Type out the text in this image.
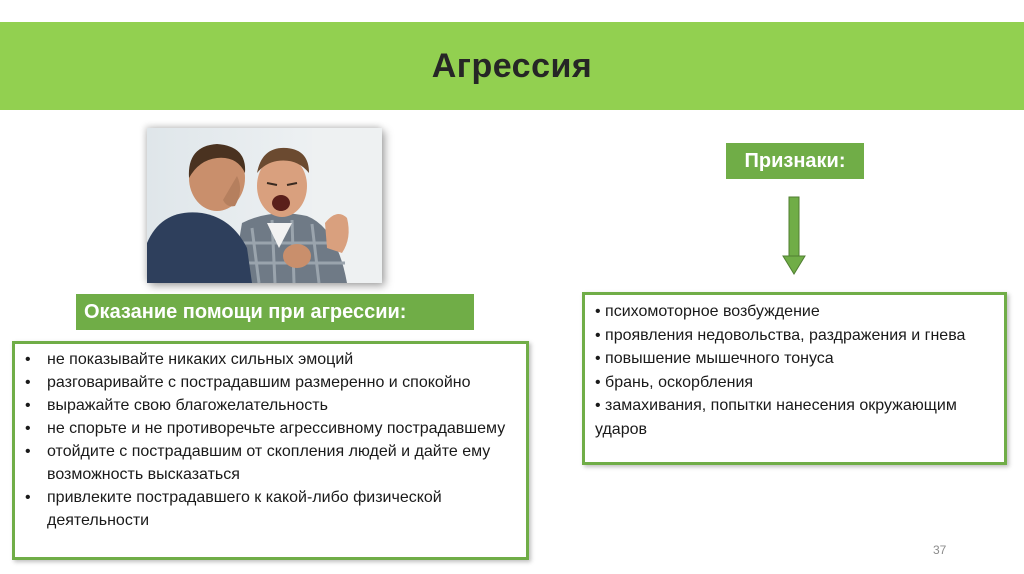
Агрессия
Оказание помощи при агрессии:
• не показывайте никаких сильных эмоций
• разговаривайте с пострадавшим размеренно и спокойно
• выражайте свою благожелательность
• не спорьте и не противоречьте агрессивному пострадавшему
• отойдите с пострадавшим от скопления людей и дайте ему возможность высказаться
• привлеките пострадавшего к какой-либо физической деятельности
Признаки:
• психомоторное возбуждение
• проявления недовольства, раздражения и гнева
• повышение мышечного тонуса
• брань, оскорбления
• замахивания, попытки нанесения окружающим ударов
37
